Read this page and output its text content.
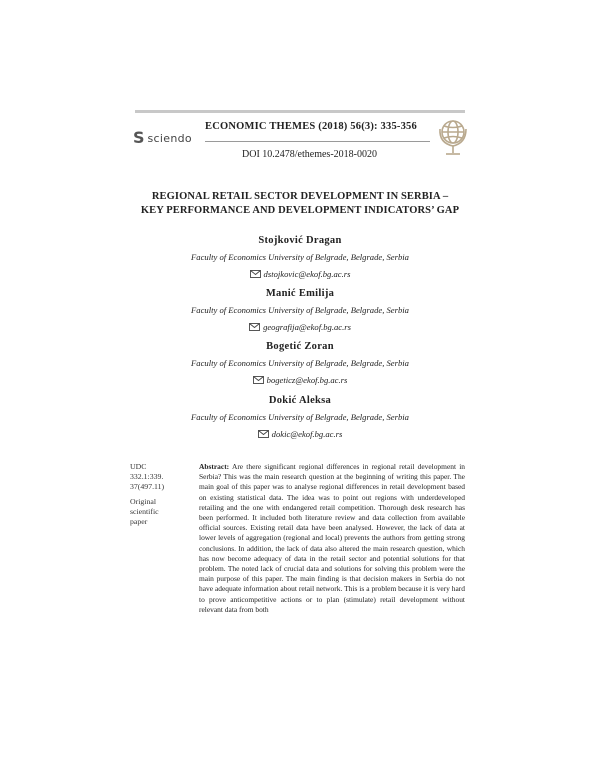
S sciendo
ECONOMIC THEMES (2018) 56(3): 335-356
DOI 10.2478/ethemes-2018-0020
REGIONAL RETAIL SECTOR DEVELOPMENT IN SERBIA –
KEY PERFORMANCE AND DEVELOPMENT INDICATORS’ GAP
Stojković Dragan
Faculty of Economics University of Belgrade, Belgrade, Serbia
dstojkovic@ekof.bg.ac.rs
Manić Emilija
Faculty of Economics University of Belgrade, Belgrade, Serbia
geografija@ekof.bg.ac.rs
Bogetić Zoran
Faculty of Economics University of Belgrade, Belgrade, Serbia
bogeticz@ekof.bg.ac.rs
Dokić Aleksa
Faculty of Economics University of Belgrade, Belgrade, Serbia
dokic@ekof.bg.ac.rs
UDC
332.1:339.
37(497.11)
Original
scientific
paper
Abstract: Are there significant regional differences in regional retail development in Serbia? This was the main research question at the beginning of writing this paper. The main goal of this paper was to analyse regional differences in retail development based on existing statistical data. The idea was to point out regions with underdeveloped retailing and the one with endangered retail competition. Thorough desk research has been performed. It included both literature review and data collection from available official sources. Existing retail data have been analysed. However, the lack of data at lower levels of aggregation (regional and local) prevents the authors from getting strong conclusions. In addition, the lack of data also altered the main research question, which has now become adequacy of data in the retail sector and potential solutions for that problem. The noted lack of crucial data and solutions for solving this problem were the main purpose of this paper. The main finding is that decision makers in Serbia do not have adequate information about retail network. This is a problem because it is very hard to prove anticompetitive actions or to plan (stimulate) retail development without relevant data from both
